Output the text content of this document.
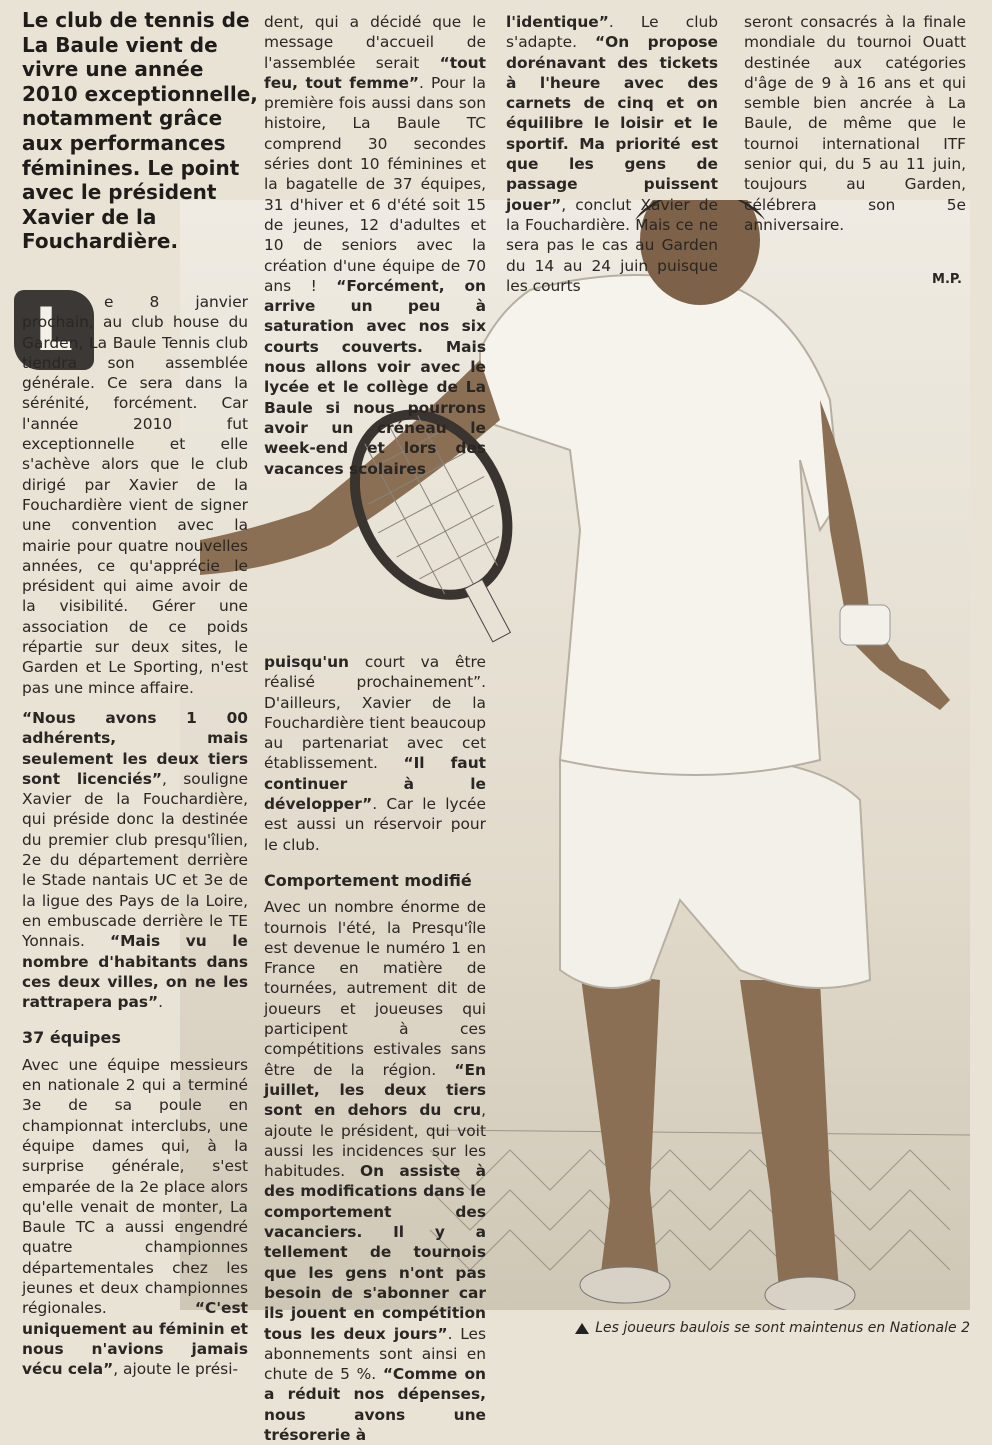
Le club de tennis de La Baule vient de vivre une année 2010 exceptionnelle, notamment grâce aux performances féminines. Le point avec le président Xavier de la Fouchardière.
L	e 8 janvier prochain, au club house du Garden, La Baule Tennis club tiendra son assemblée générale. Ce sera dans la sérénité, forcément. Car l'année 2010 fut exceptionnelle et elle s'achève alors que le club dirigé par Xavier de la Fouchardière vient de signer une convention avec la mairie pour quatre nouvelles années, ce qu'apprécie le président qui aime avoir de la visibilité. Gérer une association de ce poids répartie sur deux sites, le Garden et Le Sporting, n'est pas une mince affaire.

“Nous avons 1 00 adhérents, mais seulement les deux tiers sont licenciés”, souligne Xavier de la Fouchardière, qui préside donc la destinée du premier club presqu'îlien, 2e du département derrière le Stade nantais UC et 3e de la ligue des Pays de la Loire, en embuscade derrière le TE Yonnais. “Mais vu le nombre d'habitants dans ces deux villes, on ne les rattrapera pas”.

37 équipes

Avec une équipe messieurs en nationale 2 qui a terminé 3e de sa poule en championnat interclubs, une équipe dames qui, à la surprise générale, s'est emparée de la 2e place alors qu'elle venait de monter, La Baule TC a aussi engendré quatre championnes départementales chez les jeunes et deux championnes régionales. “C'est uniquement au féminin et nous n'avions jamais vécu cela”, ajoute le prési-

dent, qui a décidé que le message d'accueil de l'assemblée serait “tout feu, tout femme”. Pour la première fois aussi dans son histoire, La Baule TC comprend 30 secondes séries dont 10 féminines et la bagatelle de 37 équipes, 31 d'hiver et 6 d'été soit 15 de jeunes, 12 d'adultes et 10 de seniors avec la création d'une équipe de 70 ans ! “Forcément, on arrive un peu à saturation avec nos six courts couverts. Mais nous allons voir avec le lycée et le collège de La Baule si nous pourrons avoir un créneau le week-end et lors des vacances scolaires

puisqu'un court va être réalisé prochainement”. D'ailleurs, Xavier de la Fouchardière tient beaucoup au partenariat avec cet établissement. “Il faut continuer à le développer”. Car le lycée est aussi un réservoir pour le club.

Comportement modifié

Avec un nombre énorme de tournois l'été, la Presqu'île est devenue le numéro 1 en France en matière de tournées, autrement dit de joueurs et joueuses qui participent à ces compétitions estivales sans être de la région. “En juillet, les deux tiers sont en dehors du cru, ajoute le président, qui voit aussi les incidences sur les habitudes. On assiste à des modifications dans le comportement des vacanciers. Il y a tellement de tournois que les gens n'ont pas besoin de s'abonner car ils jouent en compétition tous les deux jours”. Les abonnements sont ainsi en chute de 5 %. “Comme on a réduit nos dépenses, nous avons une trésorerie à

l'identique”. Le club s'adapte. “On propose dorénavant des tickets à l'heure avec des carnets de cinq et on équilibre le loisir et le sportif. Ma priorité est que les gens de passage puissent jouer”, conclut Xavier de la Fouchardière. Mais ce ne sera pas le cas au Garden du 14 au 24 juin puisque les courts

seront consacrés à la finale mondiale du tournoi Ouatt destinée aux catégories d'âge de 9 à 16 ans et qui semble bien ancrée à La Baule, de même que le tournoi international ITF senior qui, du 5 au 11 juin, toujours au Garden, célébrera son 5e anniversaire.

M.P.
Les joueurs baulois se sont maintenus en Nationale 2
